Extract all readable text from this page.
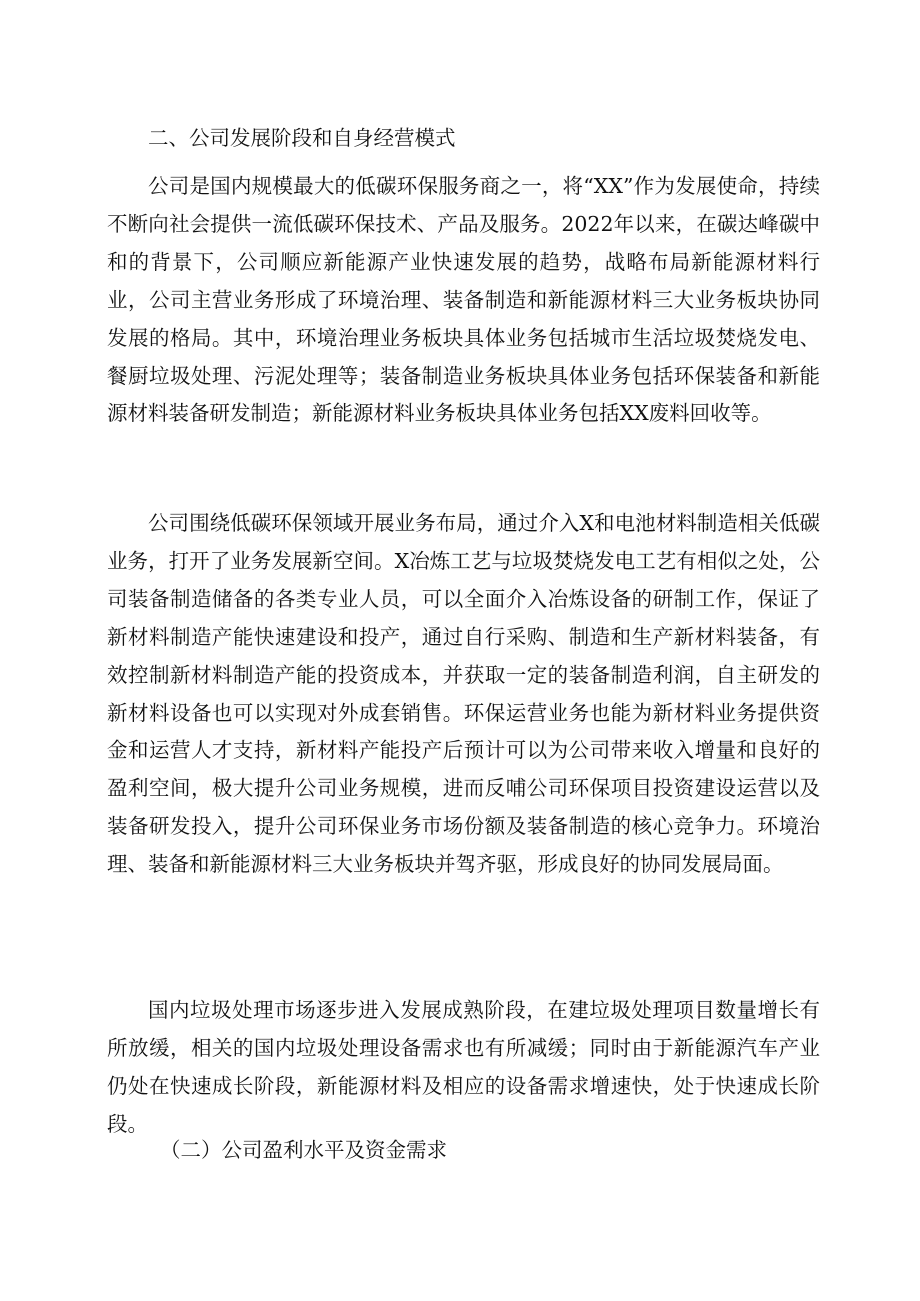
二、公司发展阶段和自身经营模式

公司是国内规模最大的低碳环保服务商之一，将“XX”作为发展使命，持续不断向社会提供一流低碳环保技术、产品及服务。2022年以来，在碳达峰碳中和的背景下，公司顺应新能源产业快速发展的趋势，战略布局新能源材料行业，公司主营业务形成了环境治理、装备制造和新能源材料三大业务板块协同发展的格局。其中，环境治理业务板块具体业务包括城市生活垃圾焚烧发电、餐厨垃圾处理、污泥处理等；装备制造业务板块具体业务包括环保装备和新能源材料装备研发制造；新能源材料业务板块具体业务包括XX废料回收等。

公司围绕低碳环保领域开展业务布局，通过介入X和电池材料制造相关低碳业务，打开了业务发展新空间。X冶炼工艺与垃圾焚烧发电工艺有相似之处，公司装备制造储备的各类专业人员，可以全面介入冶炼设备的研制工作，保证了新材料制造产能快速建设和投产，通过自行采购、制造和生产新材料装备，有效控制新材料制造产能的投资成本，并获取一定的装备制造利润，自主研发的新材料设备也可以实现对外成套销售。环保运营业务也能为新材料业务提供资金和运营人才支持，新材料产能投产后预计可以为公司带来收入增量和良好的盈利空间，极大提升公司业务规模，进而反哺公司环保项目投资建设运营以及装备研发投入，提升公司环保业务市场份额及装备制造的核心竞争力。环境治理、装备和新能源材料三大业务板块并驾齐驱，形成良好的协同发展局面。

国内垃圾处理市场逐步进入发展成熟阶段，在建垃圾处理项目数量增长有所放缓，相关的国内垃圾处理设备需求也有所减缓；同时由于新能源汽车产业仍处在快速成长阶段，新能源材料及相应的设备需求增速快，处于快速成长阶段。

（二）公司盈利水平及资金需求
